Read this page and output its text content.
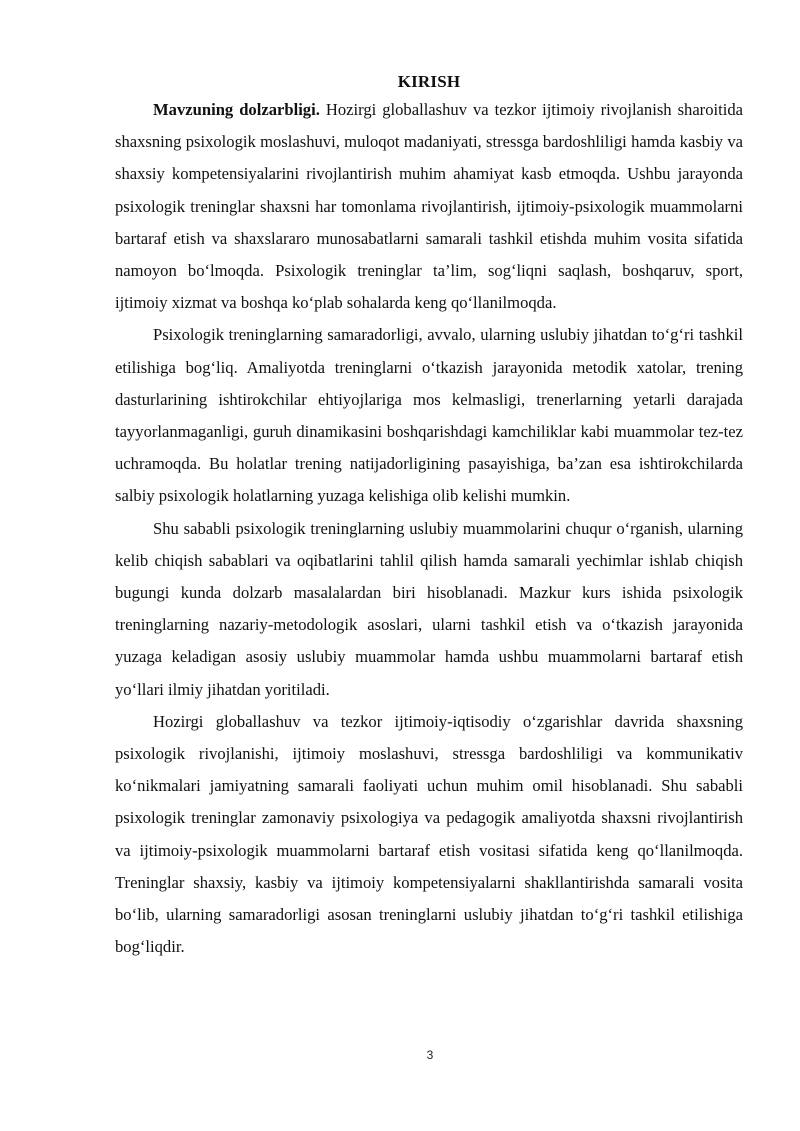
KIRISH

Mavzuning dolzarbligi. Hozirgi globallashuv va tezkor ijtimoiy rivojlanish sharoitida shaxsning psixologik moslashuvi, muloqot madaniyati, stressga bardoshliligi hamda kasbiy va shaxsiy kompetensiyalarini rivojlantirish muhim ahamiyat kasb etmoqda. Ushbu jarayonda psixologik treninglar shaxsni har tomonlama rivojlantirish, ijtimoiy-psixologik muammolarni bartaraf etish va shaxslararo munosabatlarni samarali tashkil etishda muhim vosita sifatida namoyon bo‘lmoqda. Psixologik treninglar ta’lim, sog‘liqni saqlash, boshqaruv, sport, ijtimoiy xizmat va boshqa ko‘plab sohalarda keng qo‘llanilmoqda.

Psixologik treninglarning samaradorligi, avvalo, ularning uslubiy jihatdan to‘g‘ri tashkil etilishiga bog‘liq. Amaliyotda treninglarni o‘tkazish jarayonida metodik xatolar, trening dasturlarining ishtirokchilar ehtiyojlariga mos kelmasligi, trenerlarning yetarli darajada tayyorlanmaganligi, guruh dinamikasini boshqarishdagi kamchiliklar kabi muammolar tez-tez uchramoqda. Bu holatlar trening natijadorligining pasayishiga, ba’zan esa ishtirokchilarda salbiy psixologik holatlarning yuzaga kelishiga olib kelishi mumkin.

Shu sababli psixologik treninglarning uslubiy muammolarini chuqur o‘rganish, ularning kelib chiqish sabablari va oqibatlarini tahlil qilish hamda samarali yechimlar ishlab chiqish bugungi kunda dolzarb masalalardan biri hisoblanadi. Mazkur kurs ishida psixologik treninglarning nazariy-metodologik asoslari, ularni tashkil etish va o‘tkazish jarayonida yuzaga keladigan asosiy uslubiy muammolar hamda ushbu muammolarni bartaraf etish yo‘llari ilmiy jihatdan yoritiladi.

Hozirgi globallashuv va tezkor ijtimoiy-iqtisodiy o‘zgarishlar davrida shaxsning psixologik rivojlanishi, ijtimoiy moslashuvi, stressga bardoshliligi va kommunikativ ko‘nikmalari jamiyatning samarali faoliyati uchun muhim omil hisoblanadi. Shu sababli psixologik treninglar zamonaviy psixologiya va pedagogik amaliyotda shaxsni rivojlantirish va ijtimoiy-psixologik muammolarni bartaraf etish vositasi sifatida keng qo‘llanilmoqda. Treninglar shaxsiy, kasbiy va ijtimoiy kompetensiyalarni shakllantirishda samarali vosita bo‘lib, ularning samaradorligi asosan treninglarni uslubiy jihatdan to‘g‘ri tashkil etilishiga bog‘liqdir.

3
